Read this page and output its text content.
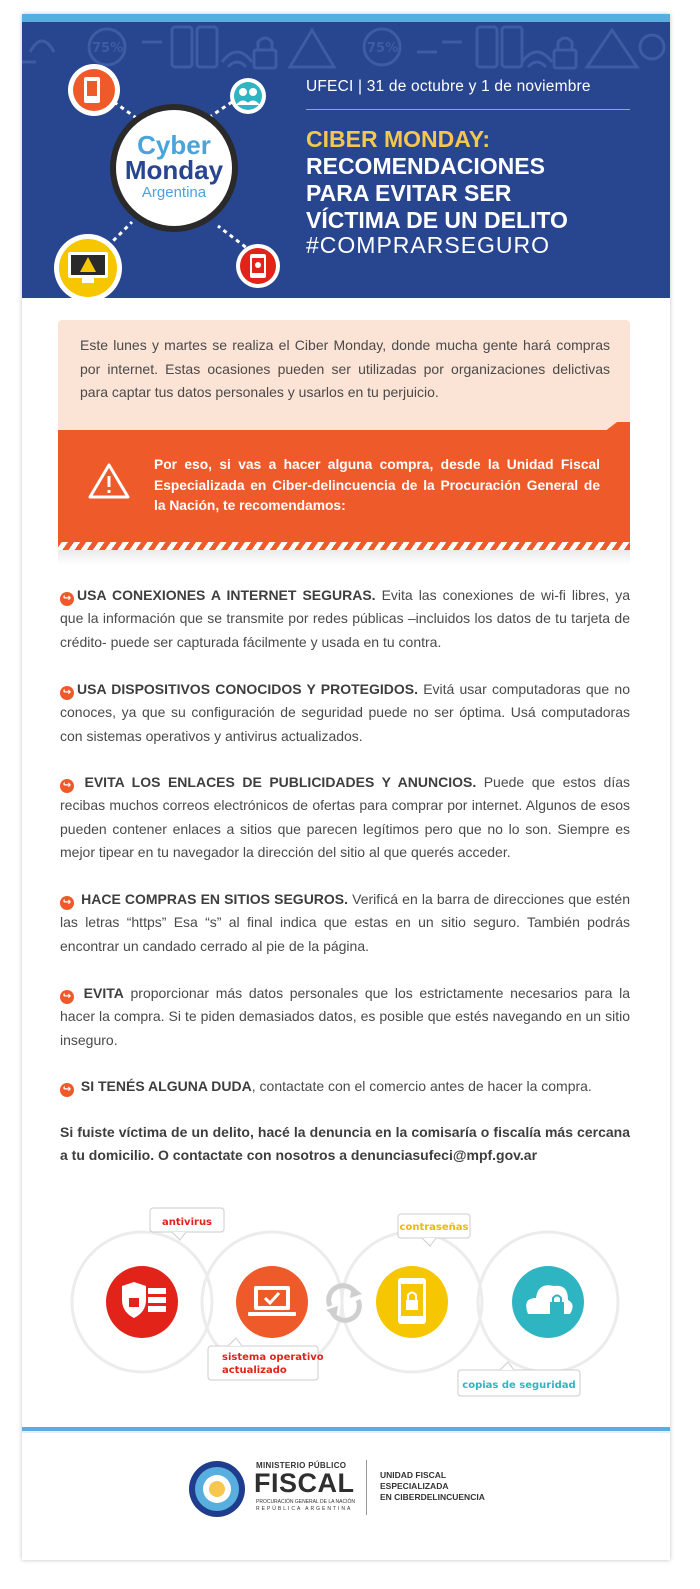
75%	75%
Cyber
Monday
Argentina
UFECI | 31 de octubre y 1 de noviembre
CIBER MONDAY:
RECOMENDACIONES
PARA EVITAR SER
VÍCTIMA DE UN DELITO
#COMPRARSEGURO
Este lunes y martes se realiza el Ciber Monday, donde mucha gente hará compras por internet. Estas ocasiones pueden ser utilizadas por organizaciones delictivas para captar tus datos personales y usarlos en tu perjuicio.
Por eso, si vas a hacer alguna compra, desde la Unidad Fiscal Especializada en Ciber-delincuencia de la Procuración General de la Nación, te recomendamos:
↪ USA CONEXIONES A INTERNET SEGURAS. Evita las conexiones de wi-fi libres, ya que la información que se transmite por redes públicas –incluidos los datos de tu tarjeta de crédito- puede ser capturada fácilmente y usada en tu contra.
↪ USA DISPOSITIVOS CONOCIDOS Y PROTEGIDOS. Evitá usar computadoras que no conoces, ya que su configuración de seguridad puede no ser óptima. Usá computadoras con sistemas operativos y antivirus actualizados.
↪ EVITA LOS ENLACES DE PUBLICIDADES Y ANUNCIOS. Puede que estos días recibas muchos correos electrónicos de ofertas para comprar por internet. Algunos de esos pueden contener enlaces a sitios que parecen legítimos pero que no lo son. Siempre es mejor tipear en tu navegador la dirección del sitio al que querés acceder.
↪ HACE COMPRAS EN SITIOS SEGUROS. Verificá en la barra de direcciones que estén las letras “https” Esa “s” al final indica que estas en un sitio seguro. También podrás encontrar un candado cerrado al pie de la página.
↪ EVITA proporcionar más datos personales que los estrictamente necesarios para la hacer la compra. Si te piden demasiados datos, es posible que estés navegando en un sitio inseguro.
↪ SI TENÉS ALGUNA DUDA, contactate con el comercio antes de hacer la compra.
Si fuiste víctima de un delito, hacé la denuncia en la comisaría o fiscalía más cercana a tu domicilio. O contactate con nosotros a denunciasufeci@mpf.gov.ar
antivirus	contraseñas
sistema operativo
actualizado
copias de seguridad
MINISTERIO PÚBLICO
FISCAL
PROCURACIÓN GENERAL DE LA NACIÓN
REPÚBLICA ARGENTINA
UNIDAD FISCAL
ESPECIALIZADA
EN CIBERDELINCUENCIA
